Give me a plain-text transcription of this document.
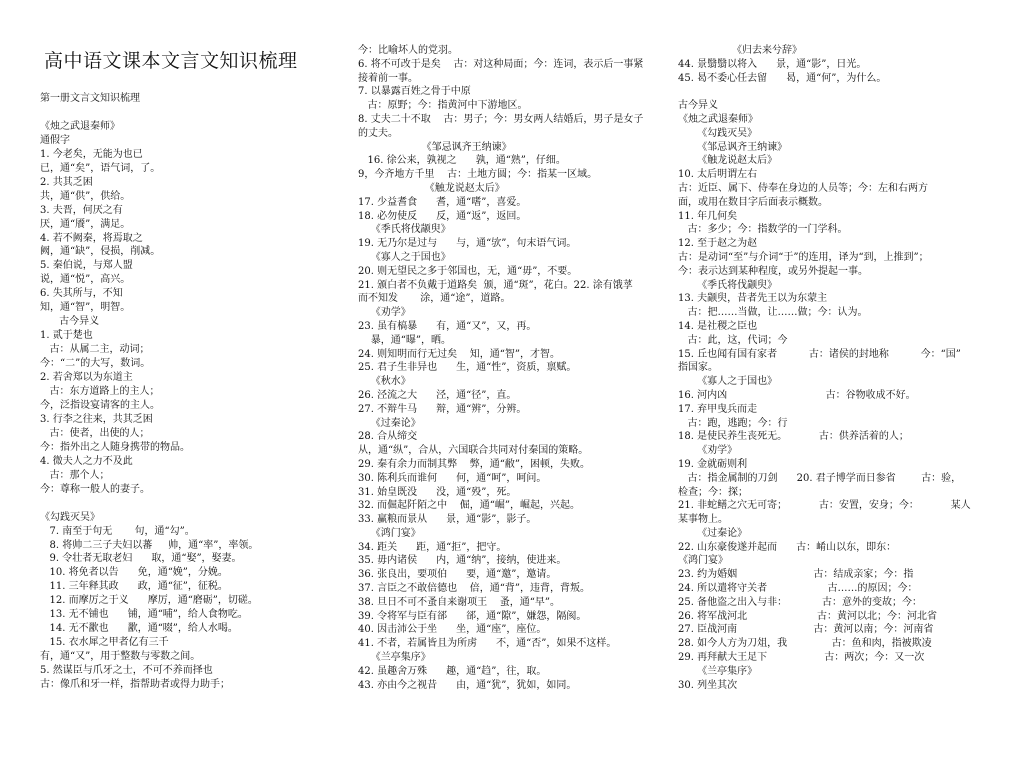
高中语文课本文言文知识梳理
第一册文言文知识梳理

《烛之武退秦师》
通假字
1. 今老矣，无能为也已
已，通“矣”，语气词，了。
2. 共其乏困
共，通“供”，供给。
3. 夫晋，何厌之有
厌，通“餍”，满足。
4. 若不阙秦，将焉取之
阙，通“缺”，侵损，削减。
5. 秦伯说，与郑人盟
说，通“悦”，高兴。
6. 失其所与，不知
知，通“智”，明智。
古今异义
1. 贰于楚也
古：从属二主，动词；
今：“二”的大写，数词。
2. 若舍郑以为东道主
古：东方道路上的主人；
今，泛指设宴请客的主人。
3. 行李之往来，共其乏困
古：使者，出使的人；
今：指外出之人随身携带的物品。
4. 微夫人之力不及此
古：那个人；
今：尊称一般人的妻子。

《勾践灭吴》
7. 南至于句无       句，通“勾”。
8. 将帅二三子夫妇以蕃     帅，通“率”，率领。
9. 令壮者无取老妇      取，通“娶”，娶妻。
10. 将免者以告      免，通“娩”，分娩。
11. 三年释其政      政，通“征”，征税。
12. 而摩厉之于义      摩厉，通“磨砺”，切磋。
13. 无不铺也      铺，通“哺”，给人食物吃。
14. 无不歠也      歠，通“啜”，给人水喝。
15. 衣水犀之甲者亿有三千
有，通“又”，用于整数与零数之间。
5. 然谋臣与爪牙之士，不可不养而择也
古：像爪和牙一样，指帮助者或得力助手；
今：比喻坏人的党羽。
6. 将不可改于是矣    古：对这种局面；今：连词，表示后一事紧
接着前一事。
7. 以暴露百姓之骨于中原
古：原野；今：指黄河中下游地区。
8. 丈夫二十不取    古：男子；今：男女两人结婚后，男子是女子
的丈夫。
《邹忌讽齐王纳谏》
16. 徐公来，孰视之      孰，通“熟”，仔细。
9，今齐地方千里    古：土地方圆；今：指某一区域。
《触龙说赵太后》
17. 少益耆食      耆，通“嗜”，喜爱。
18. 必勿使反      反，通“返”，返回。
《季氏将伐颛臾》
19. 无乃尔是过与      与，通“欤”，句末语气词。
《寡人之于国也》
20. 则无望民之多于邻国也，无，通“毋”，不要。
21. 颁白者不负戴于道路矣  颁，通“斑”，花白。22. 涂有饿莩
而不知发       涂，通“途”，道路。
《劝学》
23. 虽有槁暴      有，通“又”，又，再。
暴，通“曝”，晒。
24. 则知明而行无过矣    知，通“智”，才智。
25. 君子生非异也      生，通“性”，资质，禀赋。
《秋水》
26. 泾流之大      泾，通“径”，直。
27. 不辩牛马      辩，通“辨”，分辨。
《过秦论》
28. 合从缔交
从，通“纵”，合从，六国联合共同对付秦国的策略。
29. 秦有余力而制其弊    弊，通“敝”，困顿，失败。
30. 陈利兵而谁何      何，通“呵”，呵问。
31. 始皇既没      没，通“殁”，死。
32. 而倔起阡陌之中    倔，通“崛”，崛起，兴起。
33. 赢粮而景从      景，通“影”，影子。
《鸿门宴》
34. 距关      距，通“拒”，把守。
35. 毋内诸侯      内，通“纳”，接纳，使进来。
36. 张良出，要项伯      要，通“邀”，邀请。
37. 言臣之不敢倍德也    倍，通“背”，违背，背叛。
38. 旦日不可不蚤自来谢项王    蚤，通“早”。
39. 令将军与臣有郤      郤，通“隙”，嫌怨，隔阂。
40. 因击沛公于坐      坐，通“座”，座位。
41. 不者，若属皆且为所虏      不，通“否”，如果不这样。
《兰亭集序》
42. 虽趣舍万殊      趣，通“趋”，往，取。
43. 亦由今之视昔      由，通“犹”，犹如，如同。
《归去来兮辞》
44. 景翳翳以将入      景，通“影”，日光。
45. 曷不委心任去留      曷，通“何”，为什么。

古今异义
《烛之武退秦师》
《勾践灭吴》
《邹忌讽齐王纳谏》
《触龙说赵太后》
10. 太后明谓左右
古：近臣、属下、侍奉在身边的人员等；今：左和右两方
面，或用在数目字后面表示概数。
11. 年几何矣
古：多少；今：指数学的一门学科。
12. 至于赵之为赵
古：是动词“至”与介词“于”的连用，译为“到，上推到”；
今：表示达到某种程度，或另外提起一事。
《季氏将伐颛臾》
13. 夫颛臾，昔者先王以为东蒙主
古：把……当做，让……做；今：认为。
14. 是社稷之臣也
古：此，这，代词；今
15. 丘也闻有国有家者          古：诸侯的封地称          今：“国”
指国家。
《寡人之于国也》
16. 河内凶                               古：谷物收成不好。
17. 弃甲曳兵而走
古：跑，逃跑；今：行
18. 是使民养生丧死无。          古：供养活着的人；
《劝学》
19. 金就砺则利
古：指金属制的刀剑      20. 君子博学而日参省        古：验，
检查；今：探；
21. 非蛇鳝之穴无可寄；          古：安置，安身；今：          某人
某事物上。
《过秦论》
22. 山东豪俊遂并起而      古：崤山以东，即东：
《鸿门宴》
23. 约为婚姻                        古：结成亲家；今：指
24. 所以遣将守关者                   古……的原因；今：
25. 备他盗之出入与非：           古：意外的变故；今：
26. 将军战河北                      古：黄河以北；今：河北省
27. 臣战河南                        古：黄河以南；今：河南省
28. 如今人方为刀俎，我              古：鱼和肉，指被欺凌
29. 再拜献大王足下                  古：两次；今：又一次
《兰亭集序》
30. 列坐其次
